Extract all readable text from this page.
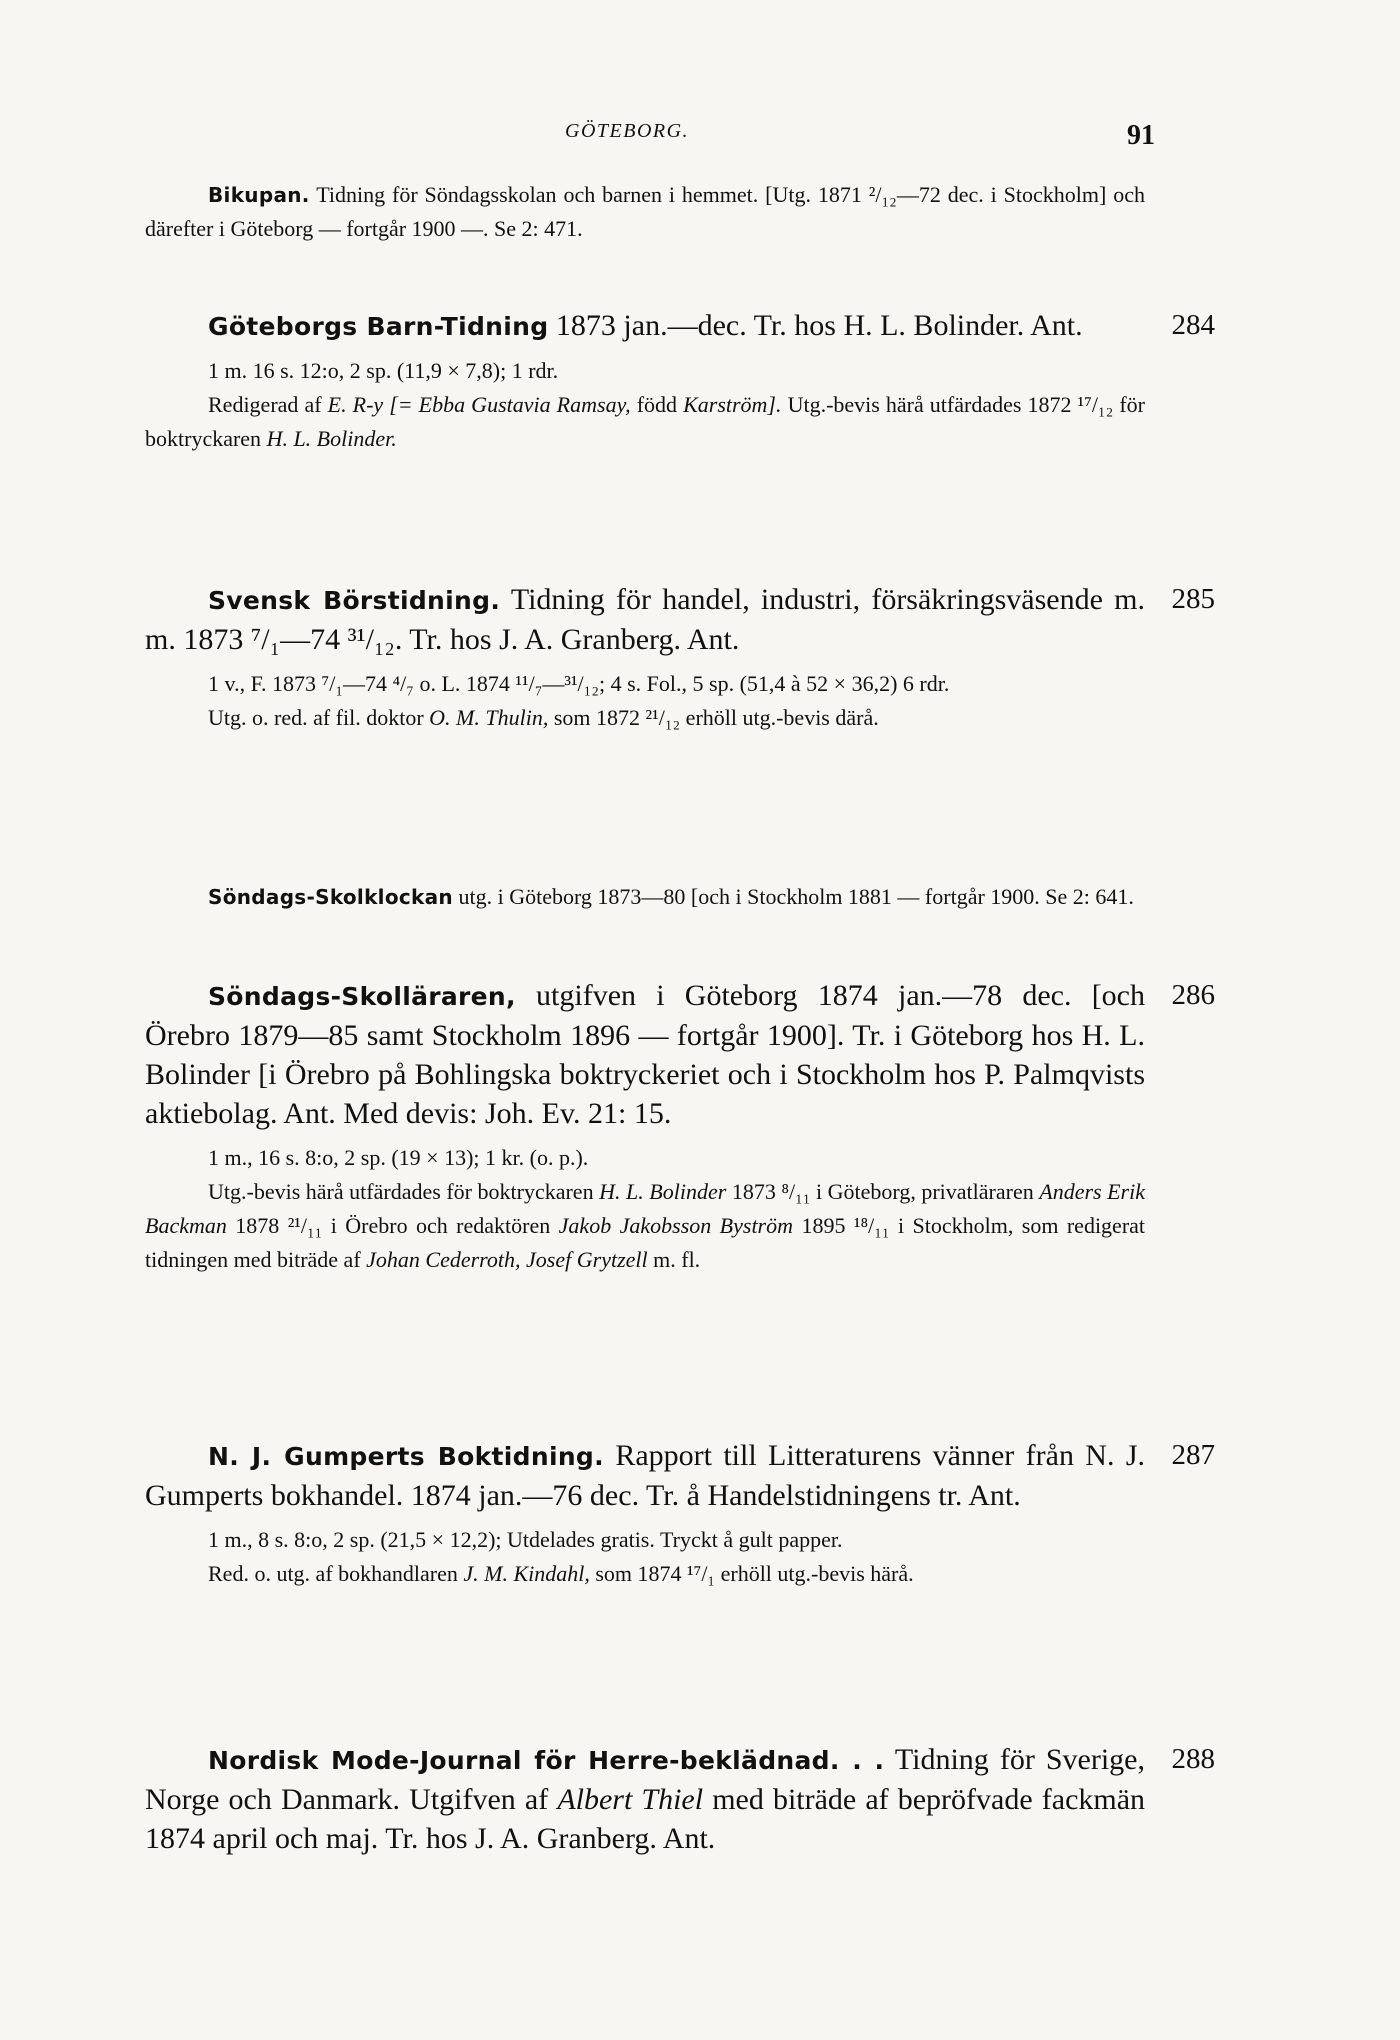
GÖTEBORG.	91

Bikupan. Tidning för Söndagsskolan och barnen i hemmet. [Utg. 1871 ²/₁₂—72 dec. i Stockholm] och därefter i Göteborg — fortgår 1900 —. Se 2: 471.

284

Göteborgs Barn-Tidning 1873 jan.—dec. Tr. hos H. L. Bolinder. Ant.

1 m. 16 s. 12:o, 2 sp. (11,9 × 7,8); 1 rdr.

Redigerad af E. R-y [= Ebba Gustavia Ramsay, född Karström]. Utg.-bevis härå utfärdades 1872 ¹⁷/₁₂ för boktryckaren H. L. Bolinder.

285

Svensk Börstidning. Tidning för handel, industri, försäkringsväsende m. m. 1873 ⁷/₁—74 ³¹/₁₂. Tr. hos J. A. Granberg. Ant.

1 v., F. 1873 ⁷/₁—74 ⁴/₇ o. L. 1874 ¹¹/₇—³¹/₁₂; 4 s. Fol., 5 sp. (51,4 à 52 × 36,2) 6 rdr.

Utg. o. red. af fil. doktor O. M. Thulin, som 1872 ²¹/₁₂ erhöll utg.-bevis därå.

Söndags-Skolklockan utg. i Göteborg 1873—80 [och i Stockholm 1881 — fortgår 1900. Se 2: 641.

286

Söndags-Skolläraren, utgifven i Göteborg 1874 jan.—78 dec. [och Örebro 1879—85 samt Stockholm 1896 — fortgår 1900]. Tr. i Göteborg hos H. L. Bolinder [i Örebro på Bohlingska boktryckeriet och i Stockholm hos P. Palmqvists aktiebolag. Ant. Med devis: Joh. Ev. 21: 15.

1 m., 16 s. 8:o, 2 sp. (19 × 13); 1 kr. (o. p.).

Utg.-bevis härå utfärdades för boktryckaren H. L. Bolinder 1873 ⁸/₁₁ i Göteborg, privatläraren Anders Erik Backman 1878 ²¹/₁₁ i Örebro och redaktören Jakob Jakobsson Byström 1895 ¹⁸/₁₁ i Stockholm, som redigerat tidningen med biträde af Johan Cederroth, Josef Grytzell m. fl.

287

N. J. Gumperts Boktidning. Rapport till Litteraturens vänner från N. J. Gumperts bokhandel. 1874 jan.—76 dec. Tr. å Handelstidningens tr. Ant.

1 m., 8 s. 8:o, 2 sp. (21,5 × 12,2); Utdelades gratis. Tryckt å gult papper.

Red. o. utg. af bokhandlaren J. M. Kindahl, som 1874 ¹⁷/₁ erhöll utg.-bevis härå.

288

Nordisk Mode-Journal för Herre-beklädnad. . . Tidning för Sverige, Norge och Danmark. Utgifven af Albert Thiel med biträde af bepröfvade fackmän 1874 april och maj. Tr. hos J. A. Granberg. Ant.
